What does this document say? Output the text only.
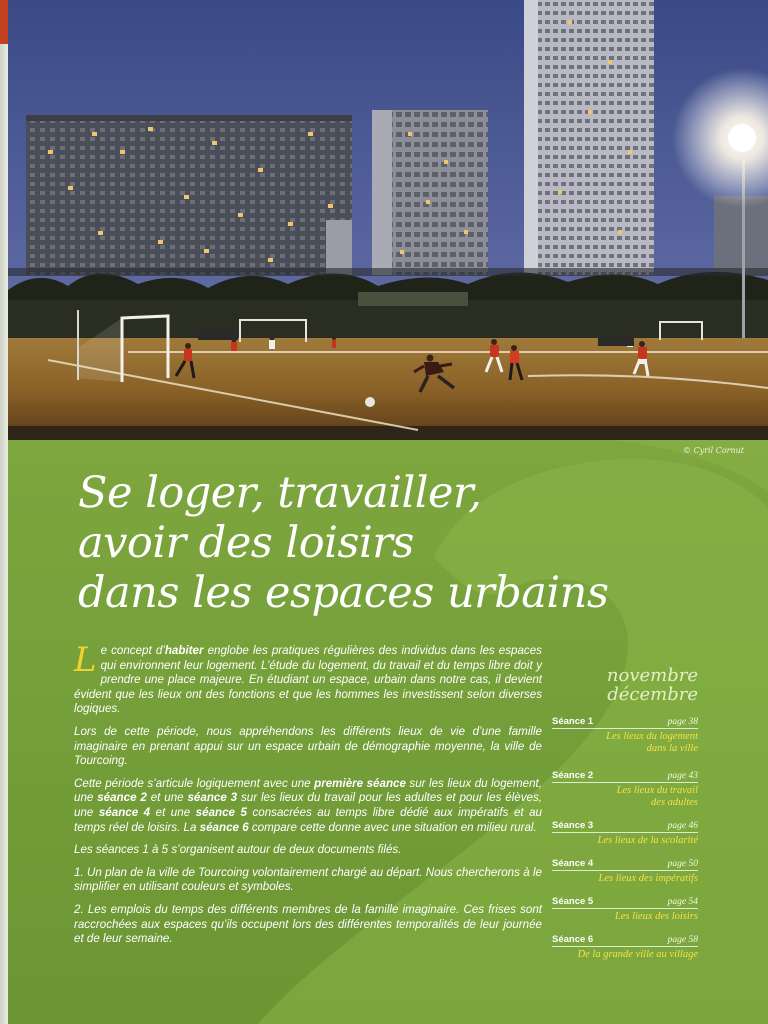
© Cyril Cornut
Se loger, travailler,
avoir des loisirs
dans les espaces urbains

Le concept d’habiter englobe les pratiques régulières des individus dans les espaces qui environnent leur logement. L’étude du logement, du travail et du temps libre doit y prendre une place majeure. En étudiant un espace, urbain dans notre cas, il devient évident que les lieux ont des fonctions et que les hommes les investissent selon diverses logiques.

Lors de cette période, nous appréhendons les différents lieux de vie d’une famille imaginaire en prenant appui sur un espace urbain de démographie moyenne, la ville de Tourcoing.

Cette période s’articule logiquement avec une première séance sur les lieux du logement, une séance 2 et une séance 3 sur les lieux du travail pour les adultes et pour les élèves, une séance 4 et une séance 5 consacrées au temps libre dédié aux impératifs et au temps réel de loisirs. La séance 6 compare cette donne avec une situation en milieu rural.

Les séances 1 à 5 s’organisent autour de deux documents filés.

1. Un plan de la ville de Tourcoing volontairement chargé au départ. Nous chercherons à le simplifier en utilisant couleurs et symboles.

2. Les emplois du temps des différents membres de la famille imaginaire. Ces frises sont raccrochées aux espaces qu’ils occupent lors des différentes temporalités de leur journée et de leur semaine.

novembre
décembre
Séance 1	page 38
Les lieux du logement
dans la ville
Séance 2	page 43
Les lieux du travail
des adultes
Séance 3	page 46
Les lieux de la scolarité
Séance 4	page 50
Les lieux des impératifs
Séance 5	page 54
Les lieux des loisirs
Séance 6	page 58
De la grande ville au village
